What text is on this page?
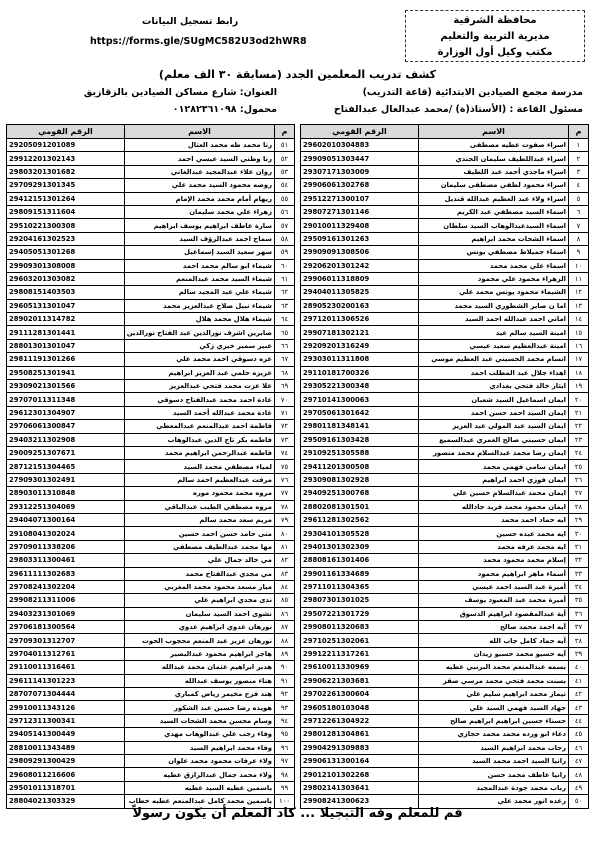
محافظة الشرقية
مديرية التربية والتعليم
مكتب وكيل أول الوزارة
رابط تسجيل البيانات
https://forms.gle/SUgMC582U3od2hWR8
كشف تدريب المعلمين الجدد (مسابقة ٣٠ الف معلم)
مدرسة مجمع الصيادين الابتدائية (قاعة التدريب)
مسئول القاعة : (الأستاذ(ة) /محمد عبدالعال عبدالفتاح
العنوان: شارع مساكن الصيادين بالزقازيق
محمول: ٠١٢٨٢٣٦١٠٩٨
م	الاسم	الرقم القومي
١	اسراء صفوت عطيه مصطفى	29602010304883
٢	اسراء عبداللطيف سليمان الجندي	29909051303447
٣	اسراء ماجدي أحمد عبد اللطيف	29307171303009
٤	اسراء محمود لطفي مصطفى سليمان	29906061302768
٥	اسراء ولاء عبد العظيم عبدالله قنديل	29512271300107
٦	اسماء السيد مصطفي عبد الكريم	29807271301146
٧	اسماء السيدعبدالوهاب السيد سلطان	29010011329408
٨	اسماء الشحات محمد ابراهيم	29509161301263
٩	اسماء جميلاط مصطفي يونس	29909091308506
١٠	اسماء علي محمد محمد	29206201301242
١١	الزهراء محمود علي محمود	29906011318809
١٢	الشيماء محمود يونس محمد علي	29404011305825
١٣	اما ن صابر الشطوري السيد محمد	28905230200163
١٤	اماني احمد عبدالله احمد السيد	29712011306526
١٥	امينة السيد سالم عيد	29907181302121
١٦	امينة عبدالعظيم سعيد عيسي	29209201316249
١٧	انسام محمد الحسيني عبد العظيم موسي	29303011311808
١٨	اهداء جلال عبد المطلب احمد	29110181700326
١٩	ايثار خالد فتحي بغدادي	29305221300348
٢٠	ايمان اسماعيل السيد شعبان	29710141300063
٢١	ايمان السيد احمد حسن احمد	29705061301642
٢٢	ايمان السيد عبد المولي عبد العزيز	29801181348141
٢٣	ايمان حسيني صالح الغمري عبدالسميع	29509161303428
٢٤	ايمان رضا محمد عبدالسلام محمد منصور	29109251305588
٢٥	ايمان سامي فهمي محمد	29411201300508
٢٦	ايمان فوزي احمد ابراهيم	29309081302928
٢٧	ايمان محمد عبدالسلام حسين علي	29409251300768
٢٨	ايمان محمود محمد فريد جادالله	28802081301501
٢٩	ايه حماد احمد محمد	29611281302562
٣٠	ايه محمد عبده حسين	29304101305528
٣١	ايه محمد عرفه محمد	29401301302309
٣٢	إسلام محمد محمود محمد	28808161301406
٣٣	أسماء ماهر ابراهيم محمود	29901161334689
٣٤	أميرة عبد السيد احمد عيسي	29711011304365
٣٥	أميرة محمد عبد المعبود يوسف	29807301301025
٣٦	أية عبدالمقصود ابراهيم الدسوق	29507221301729
٣٧	آيه احمد محمد صالح	29908011320683
٣٨	آيه حماد كامل جاب الله	29710251302061
٣٩	آيه حسيو محمد حسيو زيدان	29912211317261
٤٠	بسمه عبدالمنعم محمد البرنبي عطيه	29610011330969
٤١	بسنت محمد فتحي محمد مرسي صقر	29906221303681
٤٢	تيماز محمد ابراهيم سليم علي	29702261300604
٤٣	جهاد السيد فهمي السيد علي	29605180103048
٤٤	حسناء حسين ابراهيم ابراهيم صالح	29712261304922
٤٥	دعاء ابو ورده محمد محمد حجازي	29801281304861
٤٦	رحاب محمد ابراهيم السيد	29904291309883
٤٧	رانيا السيد احمد محمد السيد	29906131300164
٤٨	رانيا عاطف محمد حسن	29012101302268
٤٩	رباب محمد جودة عبدالمجيد	29802141303641
٥٠	رغده انور محمد علي	29908241300623
م	الاسم	الرقم القومي
٥١	رنا محمد طه محمد العتال	29205091201089
٥٢	رنا وطني السيد عيسي احمد	29912201302143
٥٣	روان علاء عبدالمجيد عبدالغاني	29803201301682
٥٤	روضه محمود السيد محمد علي	29709291301345
٥٥	ريهام أمام محمد محمد الإمام	29412151301264
٥٦	زهراء علي محمد سليمان	29809151311604
٥٧	سارة عاطف ابراهيم يوسف ابراهيم	29510221300308
٥٨	سماح احمد عبدالرؤف السيد	29204161302523
٥٩	سهر سعيد السيد إسماعيل	29405051301268
٦٠	شيماء ابو سالم محمد احمد	29909301308008
٦١	شيماء السيد محمد عبدالمنعم	29603201303082
٦٢	شيماء علي عبد المجيد سالم	29808151403503
٦٣	شيماء نبيل صلاح عبدالعزيز محمد	29605131301047
٦٤	شيماء هلال محمد هلال	28902011314782
٦٥	صابرين اشرف نورالدين عبد الفتاح نورالدين	29111281301441
٦٦	عبير سمير خيري زكي	28801301301047
٦٧	عزه دسوقي احمد محمد علي	29811191301266
٦٨	عزيزه حلمي عبد العزيز ابراهيم	29508251301941
٦٩	علا عزت محمد فتحي عبدالعزيز	29309021301566
٧٠	غادة احمد محمد عبدالفتاح دسوقي	29707011311348
٧١	غادة محمد عبدالله أحمد السيد	29612301304907
٧٢	فاطمة احمد عبدالمنعم عبدالمعطي	29706061300847
٧٣	فاطمه بكر تاج الدين عبدالوهاب	29403211302908
٧٤	فاطمه عبدالرحمن ابراهيم محمد	29009251307671
٧٥	لمياء مصطفي محمد السيد	28712151304465
٧٦	مرفت عبدالعظيم احمد سالم	27909301302491
٧٧	مروه محمد محمود موره	28903011310848
٧٨	مروه مصطفي الطيب عبدالباقي	29312251304069
٧٩	مريم سعد محمد سالم	29404071300164
٨٠	منى حامد حسن احمد حسين	29108041302024
٨١	مها محمد عبدالطيف مصطفي	29709011338206
٨٢	مي خالد جمال علي	29803311300461
٨٣	مي مجدي عبدالفتاح محمد	29611111302683
٨٤	ميار مسعد محمود محمد المغربي	29708241302204
٨٥	ندى مجدي ابراهيم علي	29908211311006
٨٦	نشوى احمد السيد سليمان	29403231301069
٨٧	نورهان عدوي ابراهيم عدوي	29706181300564
٨٨	نورهان عزيز عبد المنعم محجوب الحوت	29709301312707
٨٩	هاجر ابراهيم محمود عبدالبصير	29704011312761
٩٠	هدير ابراهيم عثمان محمد عبدالله	29110011316461
٩١	هناء منصور يوسف عبدالله	29611141301223
٩٢	هند فرج مخيمر رياض كمباري	28707071304444
٩٣	هويده رضا حسين عبد الشكور	29910011343126
٩٤	وسام محسن محمد الشحات السيد	29712311300341
٩٥	وفاء رجب علي عبدالوهاب مهدي	29405141300449
٩٦	وفاء محمد ابراهيم السيد	28810011343489
٩٧	ولاء عرفات محمود محمد علوان	29809291300429
٩٨	ولاء محمد جمال عبدالرازق عطيه	29608011216606
٩٩	ياسمين عطيه السيد عطيه	29501011318701
١٠٠	ياسمين محمد كامل عبدالمنعم عطيه خطاب	28804021303329
قم للمعلم وفه التبجيلا ... كاد المعلم أن يكون رسولاً
